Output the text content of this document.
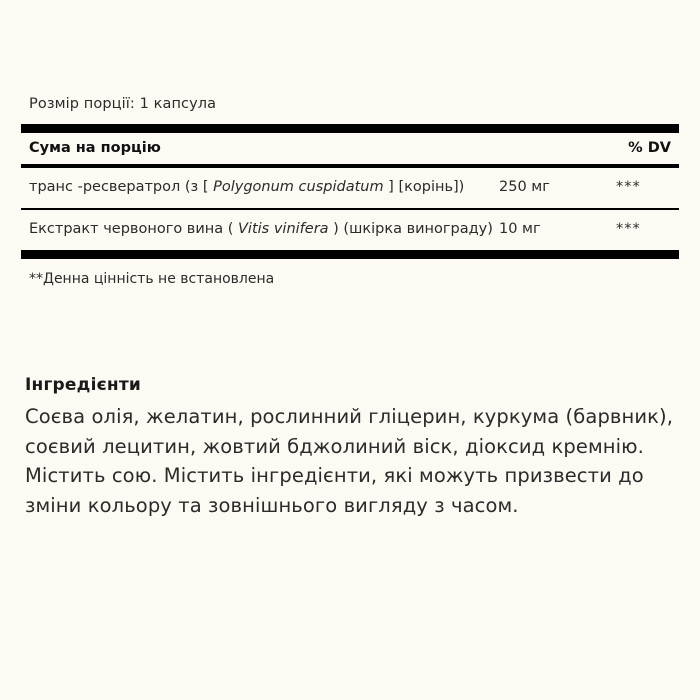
Розмір порції: 1 капсула
Сума на порцію	% DV
транс -ресвератрол (з [ Polygonum cuspidatum ] [корінь])	250 мг	***
Екстракт червоного вина ( Vitis vinifera ) (шкірка винограду) 10 мг	***
**Денна цінність не встановлена
Інгредієнти
Соєва олія, желатин, рослинний гліцерин, куркума (барвник), соєвий лецитин, жовтий бджолиний віск, діоксид кремнію. Містить сою. Містить інгредієнти, які можуть призвести до зміни кольору та зовнішнього вигляду з часом.
